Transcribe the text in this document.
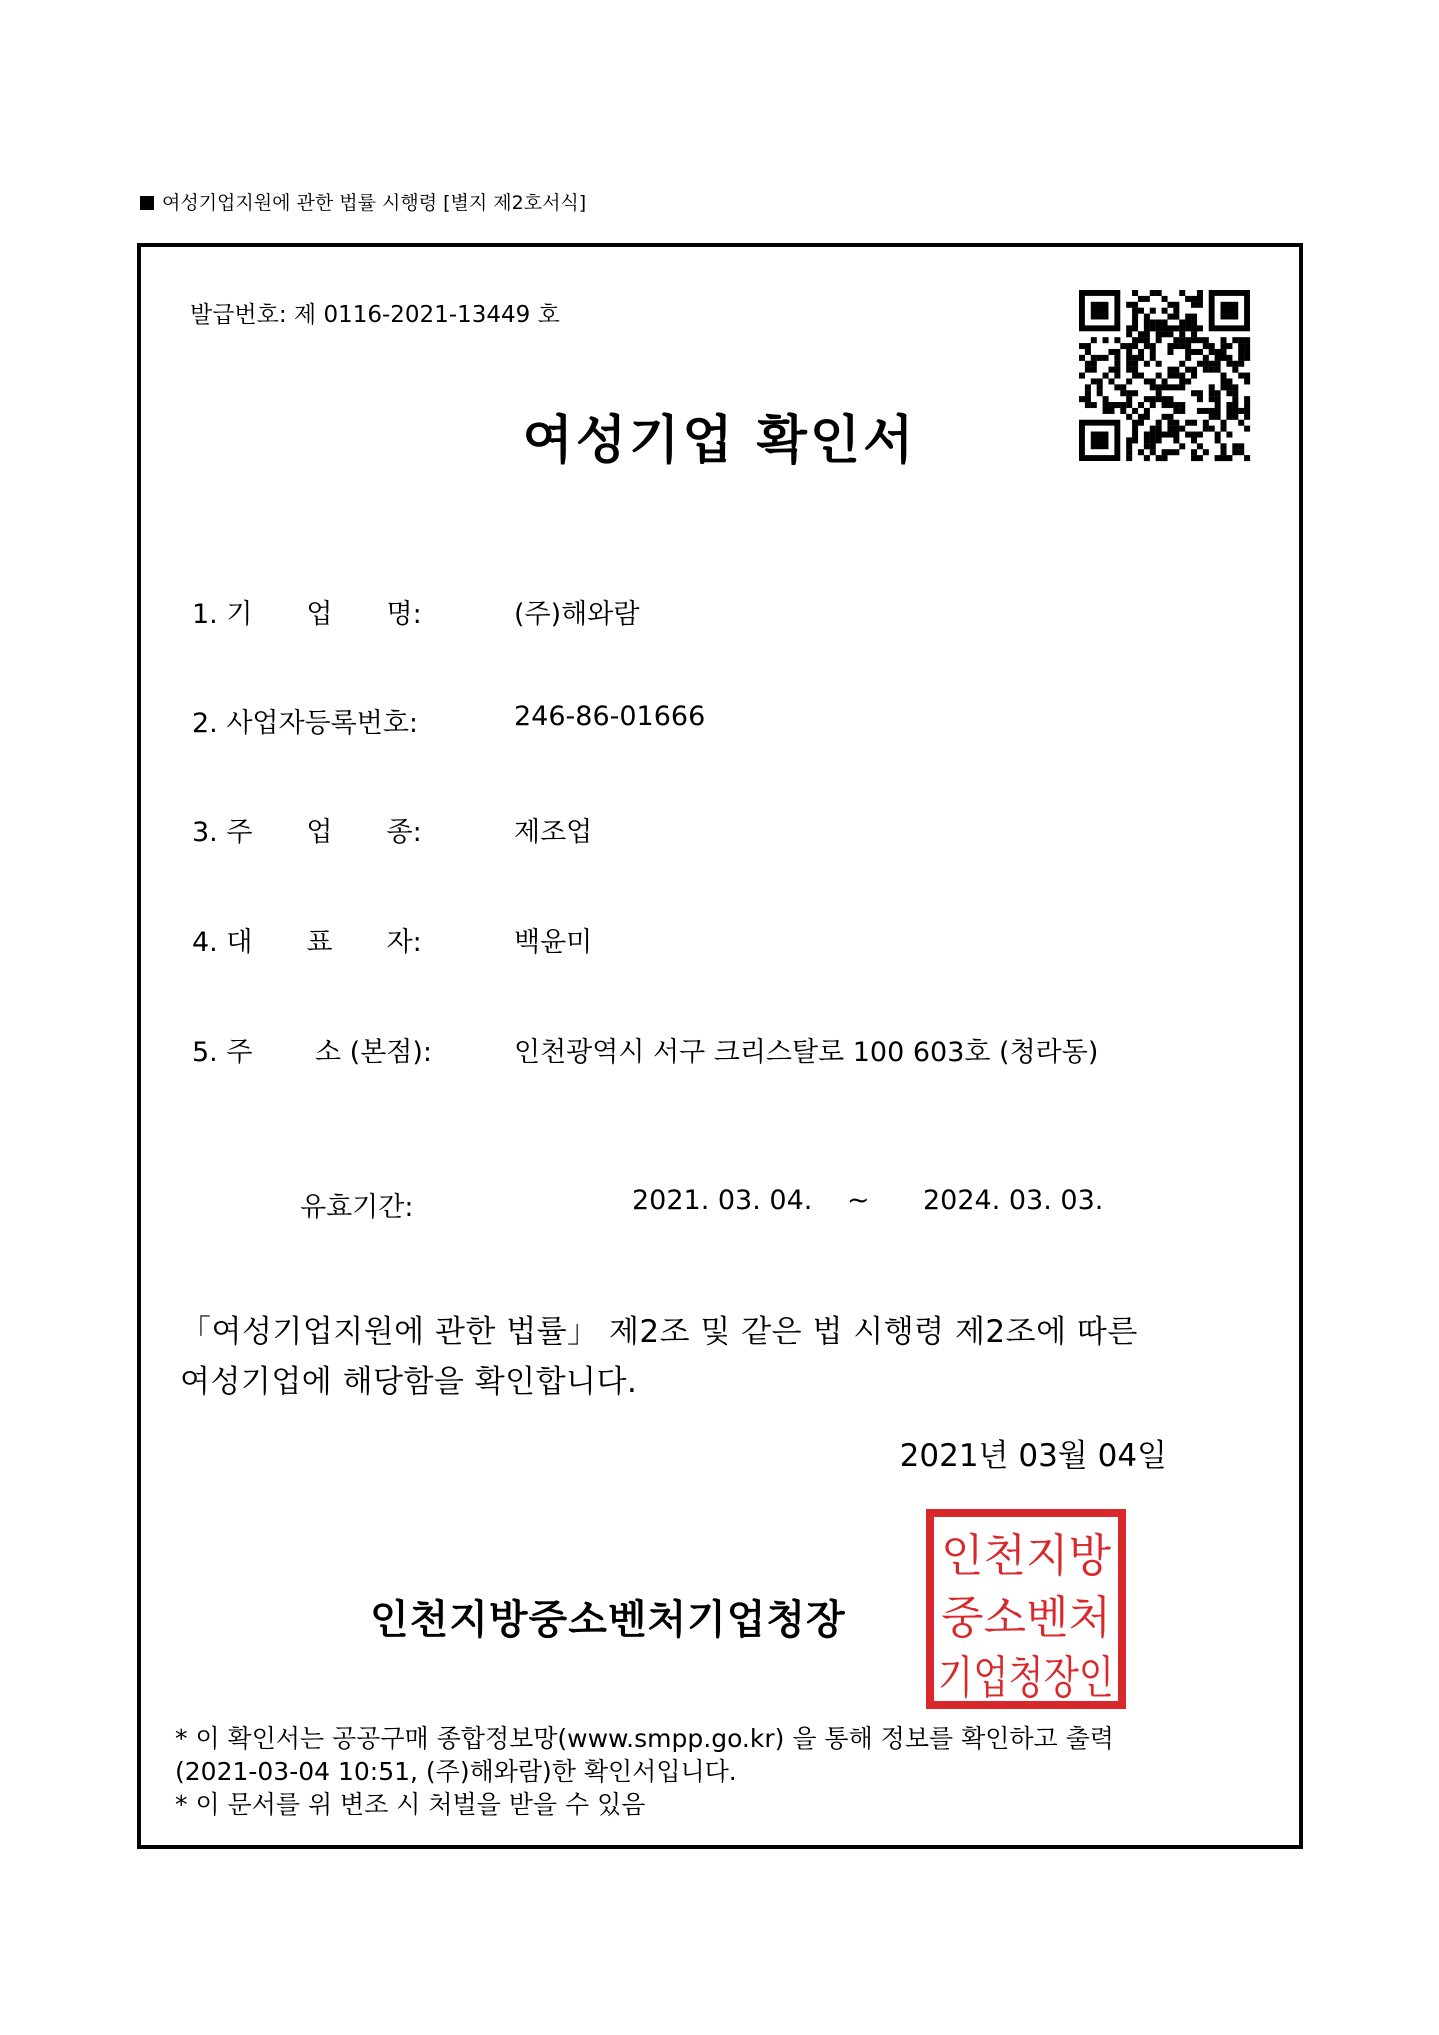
여성기업지원에 관한 법률 시행령 [별지 제2호서식]
발급번호: 제 0116-2021-13449 호
여성기업 확인서
1. 기　　업　　명:	(주)해와람
2. 사업자등록번호:	246-86-01666
3. 주　　업　　종:	제조업
4. 대　　표　　자:	백윤미
5. 주　　 소 (본점):	인천광역시 서구 크리스탈로 100 603호 (청라동)
유효기간:	2021. 03. 04. ~ 2024. 03. 03.
「여성기업지원에 관한 법률」 제2조 및 같은 법 시행령 제2조에 따른
여성기업에 해당함을 확인합니다.
2021년 03월 04일
인천지방중소벤처기업청장
인천지방
중소벤처
기업청장인
* 이 확인서는 공공구매 종합정보망(www.smpp.go.kr) 을 통해 정보를 확인하고 출력
(2021-03-04 10:51, (주)해와람)한 확인서입니다.
* 이 문서를 위 변조 시 처벌을 받을 수 있음
